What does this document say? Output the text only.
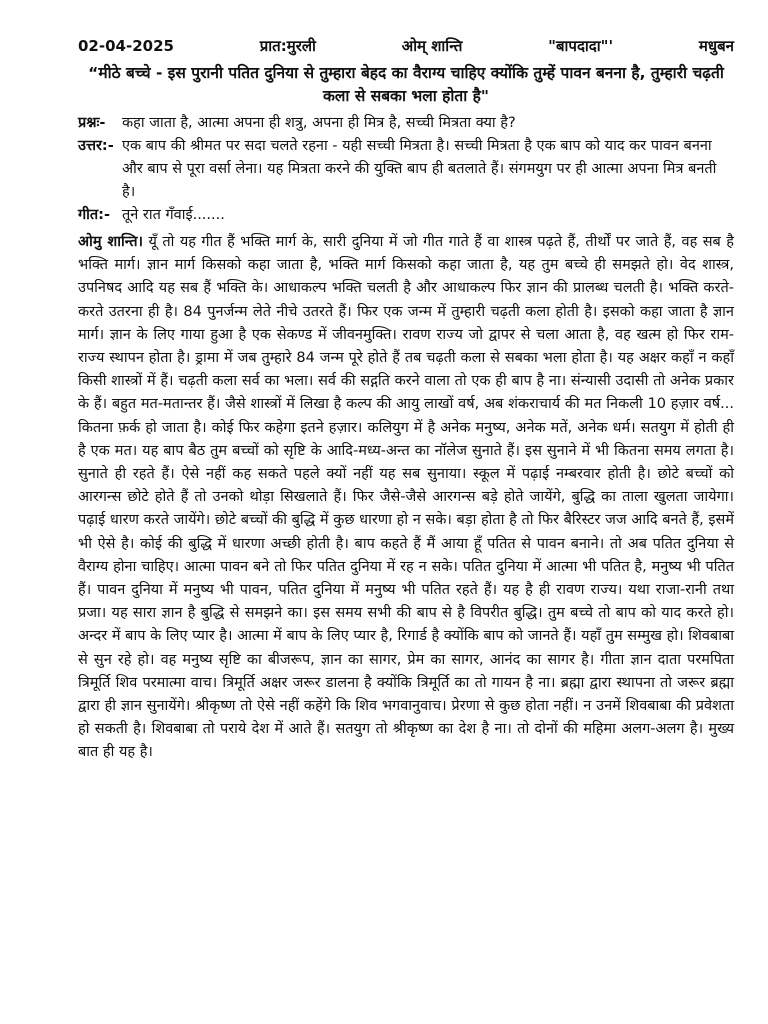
02-04-2025	प्रात:मुरली	ओम् शान्ति	"बापदादा"'	मधुबन
“मीठे बच्चे - इस पुरानी पतित दुनिया से तुम्हारा बेहद का वैराग्य चाहिए क्योंकि तुम्हें पावन बनना है, तुम्हारी चढ़ती कला से सबका भला होता है"
प्रश्नः-	कहा जाता है, आत्मा अपना ही शत्रु, अपना ही मित्र है, सच्ची मित्रता क्या है?
उत्तर:- एक बाप की श्रीमत पर सदा चलते रहना - यही सच्ची मित्रता है। सच्ची मित्रता है एक बाप को याद कर पावन बनना और बाप से पूरा वर्सा लेना। यह मित्रता करने की युक्ति बाप ही बतलाते हैं। संगमयुग पर ही आत्मा अपना मित्र बनती है।
गीत:- तूने रात गँवाई.......

ओमु शान्ति। यूँ तो यह गीत हैं भक्ति मार्ग के, सारी दुनिया में जो गीत गाते हैं वा शास्त्र पढ़ते हैं, तीर्थों पर जाते हैं, वह सब है भक्ति मार्ग। ज्ञान मार्ग किसको कहा जाता है, भक्ति मार्ग किसको कहा जाता है, यह तुम बच्चे ही समझते हो। वेद शास्त्र, उपनिषद आदि यह सब हैं भक्ति के। आधाकल्प भक्ति चलती है और आधाकल्प फिर ज्ञान की प्रालब्ध चलती है। भक्ति करते-करते उतरना ही है। 84 पुनर्जन्म लेते नीचे उतरते हैं। फिर एक जन्म में तुम्हारी चढ़ती कला होती है। इसको कहा जाता है ज्ञान मार्ग। ज्ञान के लिए गाया हुआ है एक सेकण्ड में जीवनमुक्ति। रावण राज्य जो द्वापर से चला आता है, वह खत्म हो फिर राम-राज्य स्थापन होता है। ड्रामा में जब तुम्हारे 84 जन्म पूरे होते हैं तब चढ़ती कला से सबका भला होता है। यह अक्षर कहाँ न कहाँ किसी शास्त्रों में हैं। चढ़ती कला सर्व का भला। सर्व की सद्गति करने वाला तो एक ही बाप है ना। संन्यासी उदासी तो अनेक प्रकार के हैं। बहुत मत-मतान्तर हैं। जैसे शास्त्रों में लिखा है कल्प की आयु लाखों वर्ष, अब शंकराचार्य की मत निकली 10 हज़ार वर्ष... कितना फ़र्क हो जाता है। कोई फिर कहेगा इतने हज़ार। कलियुग में है अनेक मनुष्य, अनेक मतें, अनेक धर्म। सतयुग में होती ही है एक मत। यह बाप बैठ तुम बच्चों को सृष्टि के आदि-मध्य-अन्त का नॉलेज सुनाते हैं। इस सुनाने में भी कितना समय लगता है। सुनाते ही रहते हैं। ऐसे नहीं कह सकते पहले क्यों नहीं यह सब सुनाया। स्कूल में पढ़ाई नम्बरवार होती है। छोटे बच्चों को आरगन्स छोटे होते हैं तो उनको थोड़ा सिखलाते हैं। फिर जैसे-जैसे आरगन्स बड़े होते जायेंगे, बुद्धि का ताला खुलता जायेगा। पढ़ाई धारण करते जायेंगे। छोटे बच्चों की बुद्धि में कुछ धारणा हो न सके। बड़ा होता है तो फिर बैरिस्टर जज आदि बनते हैं, इसमें भी ऐसे है। कोई की बुद्धि में धारणा अच्छी होती है। बाप कहते हैं मैं आया हूँ पतित से पावन बनाने। तो अब पतित दुनिया से वैराग्य होना चाहिए। आत्मा पावन बने तो फिर पतित दुनिया में रह न सके। पतित दुनिया में आत्मा भी पतित है, मनुष्य भी पतित हैं। पावन दुनिया में मनुष्य भी पावन, पतित दुनिया में मनुष्य भी पतित रहते हैं। यह है ही रावण राज्य। यथा राजा-रानी तथा प्रजा। यह सारा ज्ञान है बुद्धि से समझने का। इस समय सभी की बाप से है विपरीत बुद्धि। तुम बच्चे तो बाप को याद करते हो। अन्दर में बाप के लिए प्यार है। आत्मा में बाप के लिए प्यार है, रिगार्ड है क्योंकि बाप को जानते हैं। यहाँ तुम सम्मुख हो। शिवबाबा से सुन रहे हो। वह मनुष्य सृष्टि का बीजरूप, ज्ञान का सागर, प्रेम का सागर, आनंद का सागर है। गीता ज्ञान दाता परमपिता त्रिमूर्ति शिव परमात्मा वाच। त्रिमूर्ति अक्षर जरूर डालना है क्योंकि त्रिमूर्ति का तो गायन है ना। ब्रह्मा द्वारा स्थापना तो जरूर ब्रह्मा द्वारा ही ज्ञान सुनायेंगे। श्रीकृष्ण तो ऐसे नहीं कहेंगे कि शिव भगवानुवाच। प्रेरणा से कुछ होता नहीं। न उनमें शिवबाबा की प्रवेशता हो सकती है। शिवबाबा तो पराये देश में आते हैं। सतयुग तो श्रीकृष्ण का देश है ना। तो दोनों की महिमा अलग-अलग है। मुख्य बात ही यह है।
